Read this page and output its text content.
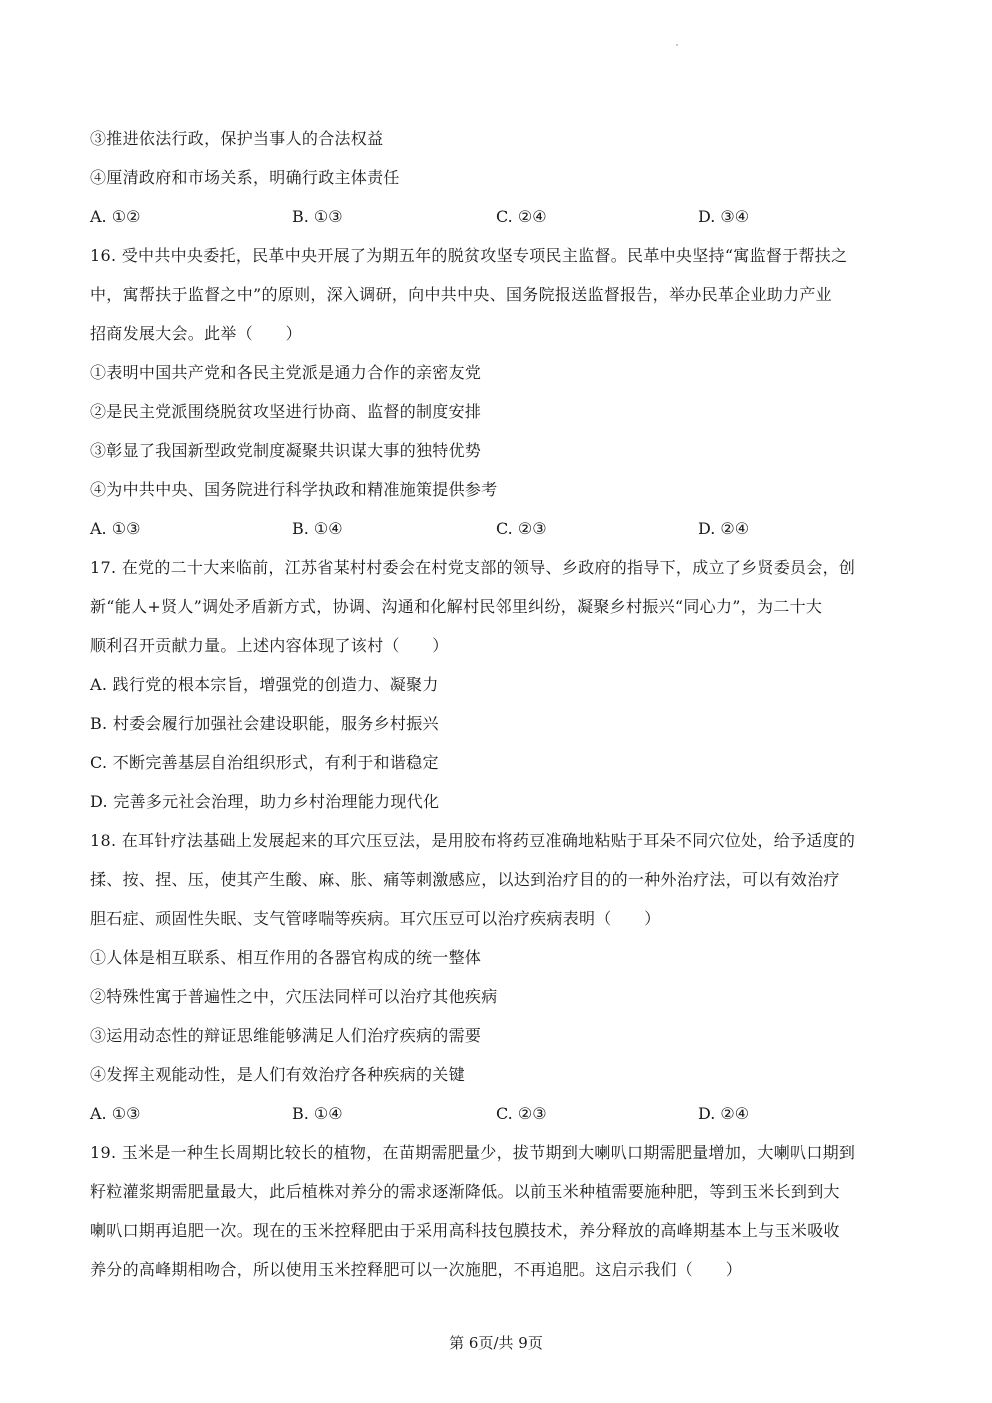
③推进依法行政，保护当事人的合法权益
④厘清政府和市场关系，明确行政主体责任
A. ①②	B. ①③	C. ②④	D. ③④
16. 受中共中央委托，民革中央开展了为期五年的脱贫攻坚专项民主监督。民革中央坚持“寓监督于帮扶之
中，寓帮扶于监督之中”的原则，深入调研，向中共中央、国务院报送监督报告，举办民革企业助力产业
招商发展大会。此举（　　）
①表明中国共产党和各民主党派是通力合作的亲密友党
②是民主党派围绕脱贫攻坚进行协商、监督的制度安排
③彰显了我国新型政党制度凝聚共识谋大事的独特优势
④为中共中央、国务院进行科学执政和精准施策提供参考
A. ①③	B. ①④	C. ②③	D. ②④
17. 在党的二十大来临前，江苏省某村村委会在村党支部的领导、乡政府的指导下，成立了乡贤委员会，创
新“能人+贤人”调处矛盾新方式，协调、沟通和化解村民邻里纠纷，凝聚乡村振兴“同心力”，为二十大
顺利召开贡献力量。上述内容体现了该村（　　）
A. 践行党的根本宗旨，增强党的创造力、凝聚力
B. 村委会履行加强社会建设职能，服务乡村振兴
C. 不断完善基层自治组织形式，有利于和谐稳定
D. 完善多元社会治理，助力乡村治理能力现代化
18. 在耳针疗法基础上发展起来的耳穴压豆法，是用胶布将药豆准确地粘贴于耳朵不同穴位处，给予适度的
揉、按、捏、压，使其产生酸、麻、胀、痛等刺激感应，以达到治疗目的的一种外治疗法，可以有效治疗
胆石症、顽固性失眠、支气管哮喘等疾病。耳穴压豆可以治疗疾病表明（　　）
①人体是相互联系、相互作用的各器官构成的统一整体
②特殊性寓于普遍性之中，穴压法同样可以治疗其他疾病
③运用动态性的辩证思维能够满足人们治疗疾病的需要
④发挥主观能动性，是人们有效治疗各种疾病的关键
A. ①③	B. ①④	C. ②③	D. ②④
19. 玉米是一种生长周期比较长的植物，在苗期需肥量少，拔节期到大喇叭口期需肥量增加，大喇叭口期到
籽粒灌浆期需肥量最大，此后植株对养分的需求逐渐降低。以前玉米种植需要施种肥，等到玉米长到到大
喇叭口期再追肥一次。现在的玉米控释肥由于采用高科技包膜技术，养分释放的高峰期基本上与玉米吸收
养分的高峰期相吻合，所以使用玉米控释肥可以一次施肥，不再追肥。这启示我们（　　）
第 6页/共 9页
